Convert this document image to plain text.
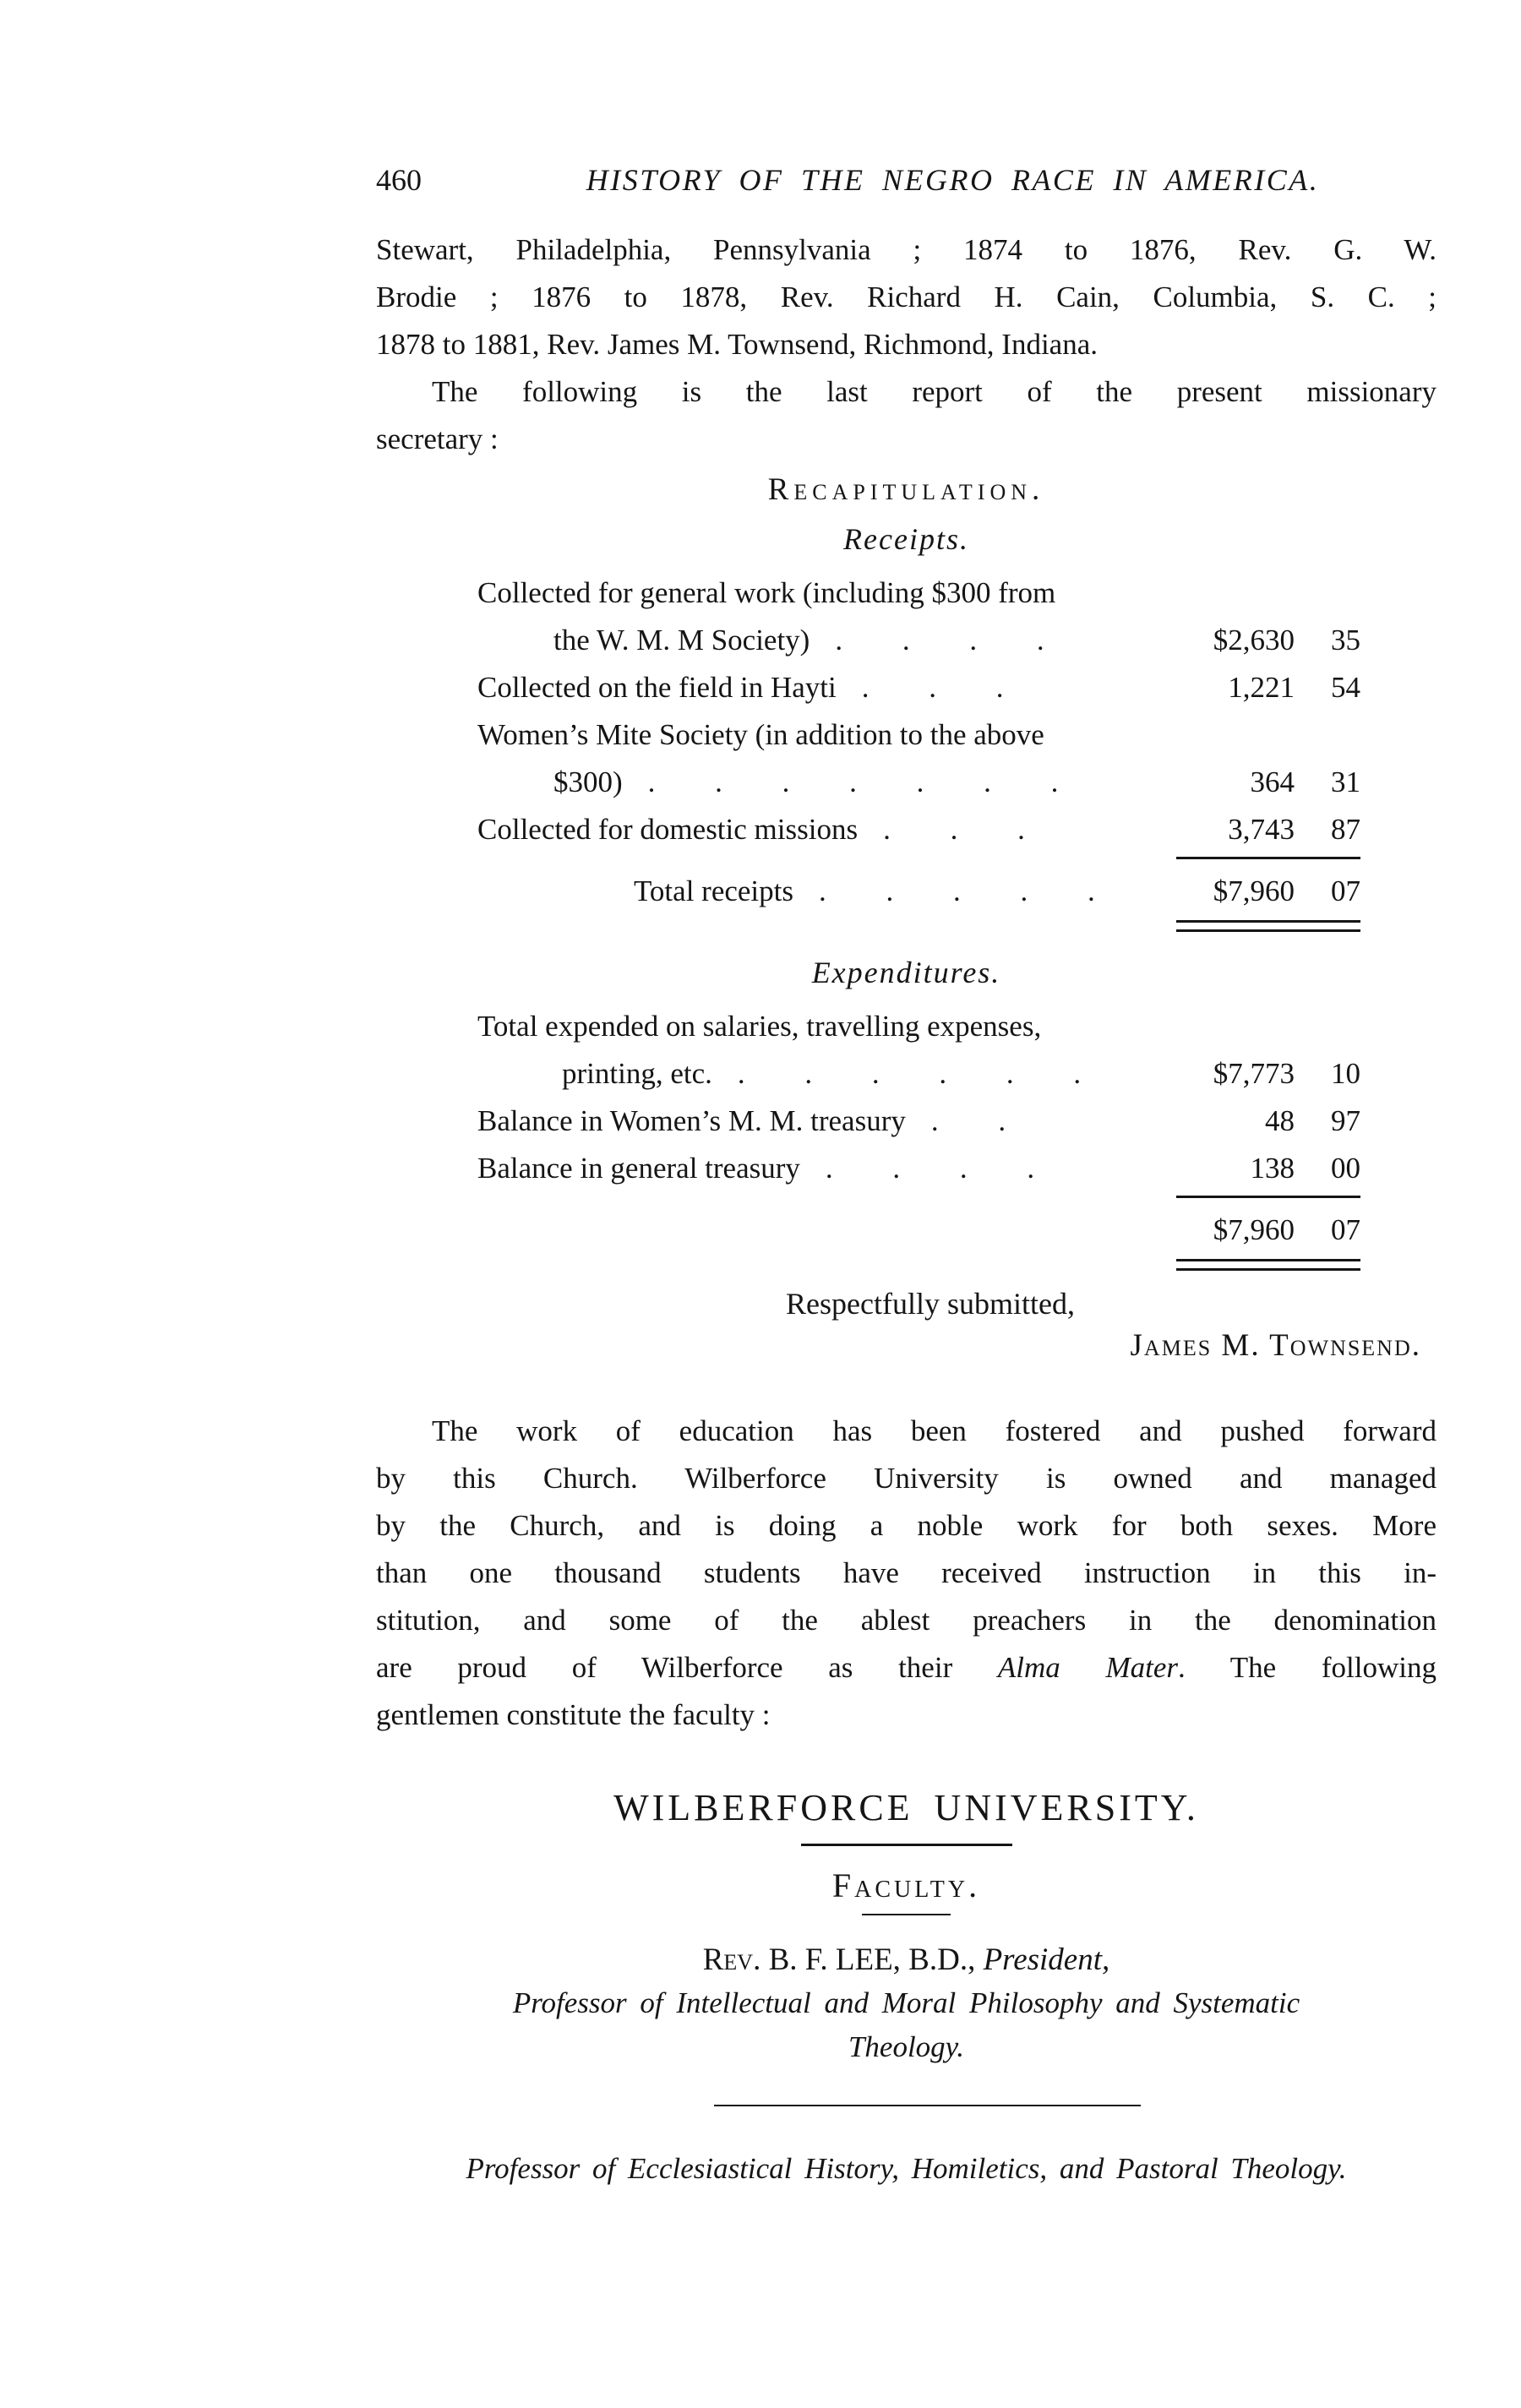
460	HISTORY OF THE NEGRO RACE IN AMERICA.
Stewart, Philadelphia, Pennsylvania ; 1874 to 1876, Rev. G. W.
Brodie ; 1876 to 1878, Rev. Richard H. Cain, Columbia, S. C. ;
1878 to 1881, Rev. James M. Townsend, Richmond, Indiana.
The following is the last report of the present missionary
secretary :
Recapitulation.
Receipts.
Collected for general work (including $300 from
the W. M. M Society) . . . .	$2,630	35
Collected on the field in Hayti . . .	1,221	54
Women’s Mite Society (in addition to the above
$300) . . . . . . .	364	31
Collected for domestic missions . . .	3,743	87
Total receipts . . . . .	$7,960	07
Expenditures.
Total expended on salaries, travelling expenses,
printing, etc. . . . . . .	$7,773	10
Balance in Women’s M. M. treasury . .	48	97
Balance in general treasury . . . .	138	00
$7,960	07
Respectfully submitted,
James M. Townsend.
The work of education has been fostered and pushed forward
by this Church. Wilberforce University is owned and managed
by the Church, and is doing a noble work for both sexes. More
than one thousand students have received instruction in this in-
stitution, and some of the ablest preachers in the denomination
are proud of Wilberforce as their Alma Mater. The following
gentlemen constitute the faculty :
WILBERFORCE UNIVERSITY.
Faculty.
Rev. B. F. LEE, B.D., President,
Professor of Intellectual and Moral Philosophy and Systematic
Theology.
Professor of Ecclesiastical History, Homiletics, and Pastoral Theology.
